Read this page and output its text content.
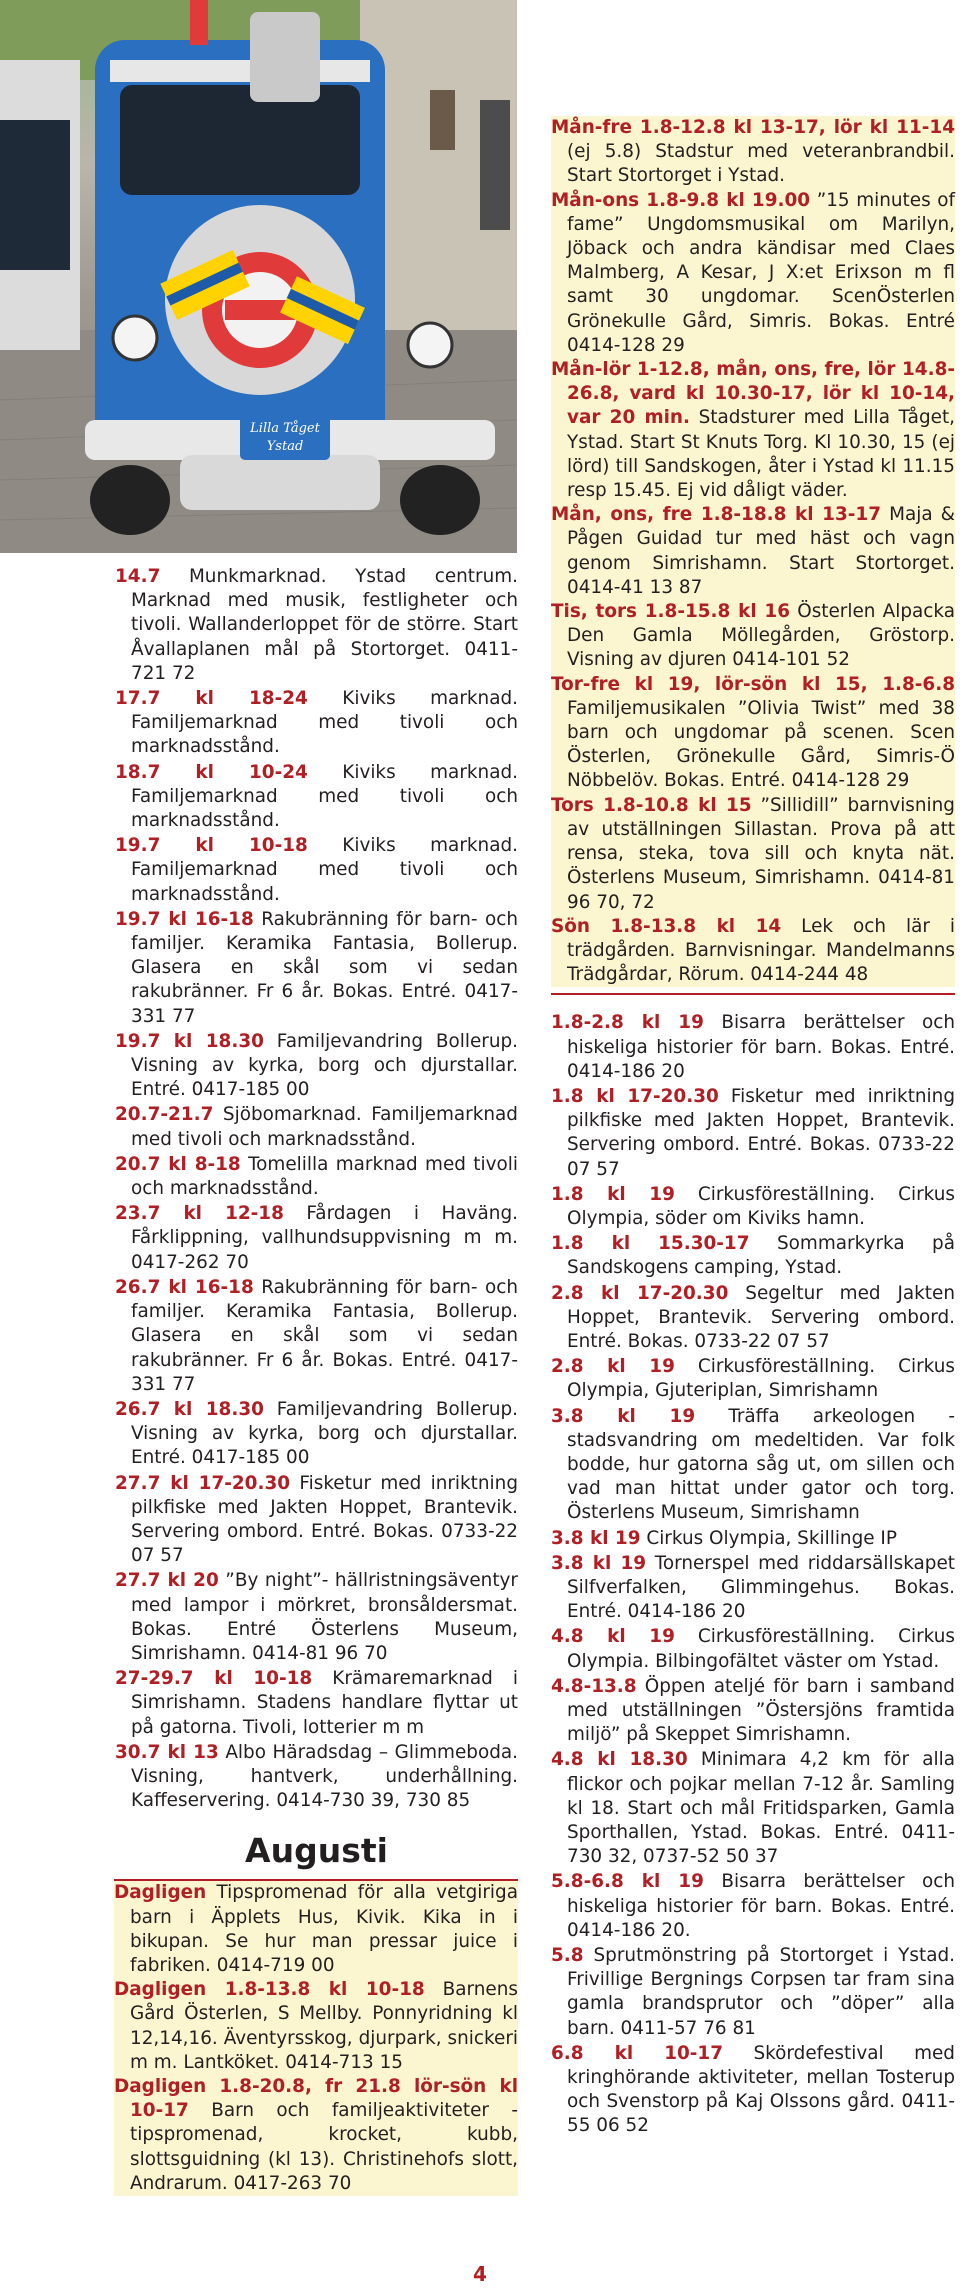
Lilla Tåget
Ystad
14.7 Munkmarknad. Ystad centrum. Marknad med musik, festligheter och tivoli. Wallanderloppet för de större. Start Åvallaplanen mål på Stortorget. 0411-721 72
17.7 kl 18-24 Kiviks marknad. Familjemarknad med tivoli och marknadsstånd.
18.7 kl 10-24 Kiviks marknad. Familjemarknad med tivoli och marknadsstånd.
19.7 kl 10-18 Kiviks marknad. Familjemarknad med tivoli och marknadsstånd.
19.7 kl 16-18 Rakubränning för barn- och familjer. Keramika Fantasia, Bollerup. Glasera en skål som vi sedan rakubränner. Fr 6 år. Bokas. Entré. 0417-331 77
19.7 kl 18.30 Familjevandring Bollerup. Visning av kyrka, borg och djurstallar. Entré. 0417-185 00
20.7-21.7 Sjöbomarknad. Familjemarknad med tivoli och marknadsstånd.
20.7 kl 8-18 Tomelilla marknad med tivoli och marknadsstånd.
23.7 kl 12-18 Fårdagen i Haväng. Fårklippning, vallhundsuppvisning m m. 0417-262 70
26.7 kl 16-18 Rakubränning för barn- och familjer. Keramika Fantasia, Bollerup. Glasera en skål som vi sedan rakubränner. Fr 6 år. Bokas. Entré. 0417-331 77
26.7 kl 18.30 Familjevandring Bollerup. Visning av kyrka, borg och djurstallar. Entré. 0417-185 00
27.7 kl 17-20.30 Fisketur med inriktning pilkfiske med Jakten Hoppet, Brantevik. Servering ombord. Entré. Bokas. 0733-22 07 57
27.7 kl 20 ”By night”- hällristningsäventyr med lampor i mörkret, bronsåldersmat. Bokas. Entré Österlens Museum, Simrishamn. 0414-81 96 70
27-29.7 kl 10-18 Krämaremarknad i Simrishamn. Stadens handlare flyttar ut på gatorna. Tivoli, lotterier m m
30.7 kl 13 Albo Häradsdag – Glimmeboda. Visning, hantverk, underhållning. Kaffeservering. 0414-730 39, 730 85
Augusti
Dagligen Tipspromenad för alla vetgiriga barn i Äpplets Hus, Kivik. Kika in i bikupan. Se hur man pressar juice i fabriken. 0414-719 00
Dagligen 1.8-13.8 kl 10-18 Barnens Gård Österlen, S Mellby. Ponnyridning kl 12,14,16. Äventyrsskog, djurpark, snickeri m m. Lantköket. 0414-713 15
Dagligen 1.8-20.8, fr 21.8 lör-sön kl 10-17 Barn och familjeaktiviteter - tipspromenad, krocket, kubb, slottsguidning (kl 13). Christinehofs slott, Andrarum. 0417-263 70
Mån-fre 1.8-12.8 kl 13-17, lör kl 11-14 (ej 5.8) Stadstur med veteranbrandbil. Start Stortorget i Ystad.
Mån-ons 1.8-9.8 kl 19.00 ”15 minutes of fame” Ungdomsmusikal om Marilyn, Jöback och andra kändisar med Claes Malmberg, A Kesar, J X:et Erixson m fl samt 30 ungdomar. ScenÖsterlen Grönekulle Gård, Simris. Bokas. Entré 0414-128 29
Mån-lör 1-12.8, mån, ons, fre, lör 14.8-26.8, vard kl 10.30-17, lör kl 10-14, var 20 min. Stadsturer med Lilla Tåget, Ystad. Start St Knuts Torg. Kl 10.30, 15 (ej lörd) till Sandskogen, åter i Ystad kl 11.15 resp 15.45. Ej vid dåligt väder.
Mån, ons, fre 1.8-18.8 kl 13-17 Maja & Pågen Guidad tur med häst och vagn genom Simrishamn. Start Stortorget. 0414-41 13 87
Tis, tors 1.8-15.8 kl 16 Österlen Alpacka Den Gamla Möllegården, Gröstorp. Visning av djuren 0414-101 52
Tor-fre kl 19, lör-sön kl 15, 1.8-6.8 Familjemusikalen ”Olivia Twist” med 38 barn och ungdomar på scenen. Scen Österlen, Grönekulle Gård, Simris-Ö Nöbbelöv. Bokas. Entré. 0414-128 29
Tors 1.8-10.8 kl 15 ”Sillidill” barnvisning av utställningen Sillastan. Prova på att rensa, steka, tova sill och knyta nät. Österlens Museum, Simrishamn. 0414-81 96 70, 72
Sön 1.8-13.8 kl 14 Lek och lär i trädgården. Barnvisningar. Mandelmanns Trädgårdar, Rörum. 0414-244 48
1.8-2.8 kl 19 Bisarra berättelser och hiskeliga historier för barn. Bokas. Entré. 0414-186 20
1.8 kl 17-20.30 Fisketur med inriktning pilkfiske med Jakten Hoppet, Brantevik. Servering ombord. Entré. Bokas. 0733-22 07 57
1.8 kl 19 Cirkusföreställning. Cirkus Olympia, söder om Kiviks hamn.
1.8 kl 15.30-17 Sommarkyrka på Sandskogens camping, Ystad.
2.8 kl 17-20.30 Segeltur med Jakten Hoppet, Brantevik. Servering ombord. Entré. Bokas. 0733-22 07 57
2.8 kl 19 Cirkusföreställning. Cirkus Olympia, Gjuteriplan, Simrishamn
3.8 kl 19 Träffa arkeologen - stadsvandring om medeltiden. Var folk bodde, hur gatorna såg ut, om sillen och vad man hittat under gator och torg. Österlens Museum, Simrishamn
3.8 kl 19 Cirkus Olympia, Skillinge IP
3.8 kl 19 Tornerspel med riddarsällskapet Silfverfalken, Glimmingehus. Bokas. Entré. 0414-186 20
4.8 kl 19 Cirkusföreställning. Cirkus Olympia. Bilbingofältet väster om Ystad.
4.8-13.8 Öppen ateljé för barn i samband med utställningen ”Östersjöns framtida miljö” på Skeppet Simrishamn.
4.8 kl 18.30 Minimara 4,2 km för alla flickor och pojkar mellan 7-12 år. Samling kl 18. Start och mål Fritidsparken, Gamla Sporthallen, Ystad. Bokas. Entré. 0411-730 32, 0737-52 50 37
5.8-6.8 kl 19 Bisarra berättelser och hiskeliga historier för barn. Bokas. Entré. 0414-186 20.
5.8 Sprutmönstring på Stortorget i Ystad. Frivillige Bergnings Corpsen tar fram sina gamla brandsprutor och ”döper” alla barn. 0411-57 76 81
6.8 kl 10-17 Skördefestival med kringhörande aktiviteter, mellan Tosterup och Svenstorp på Kaj Olssons gård. 0411-55 06 52
4
